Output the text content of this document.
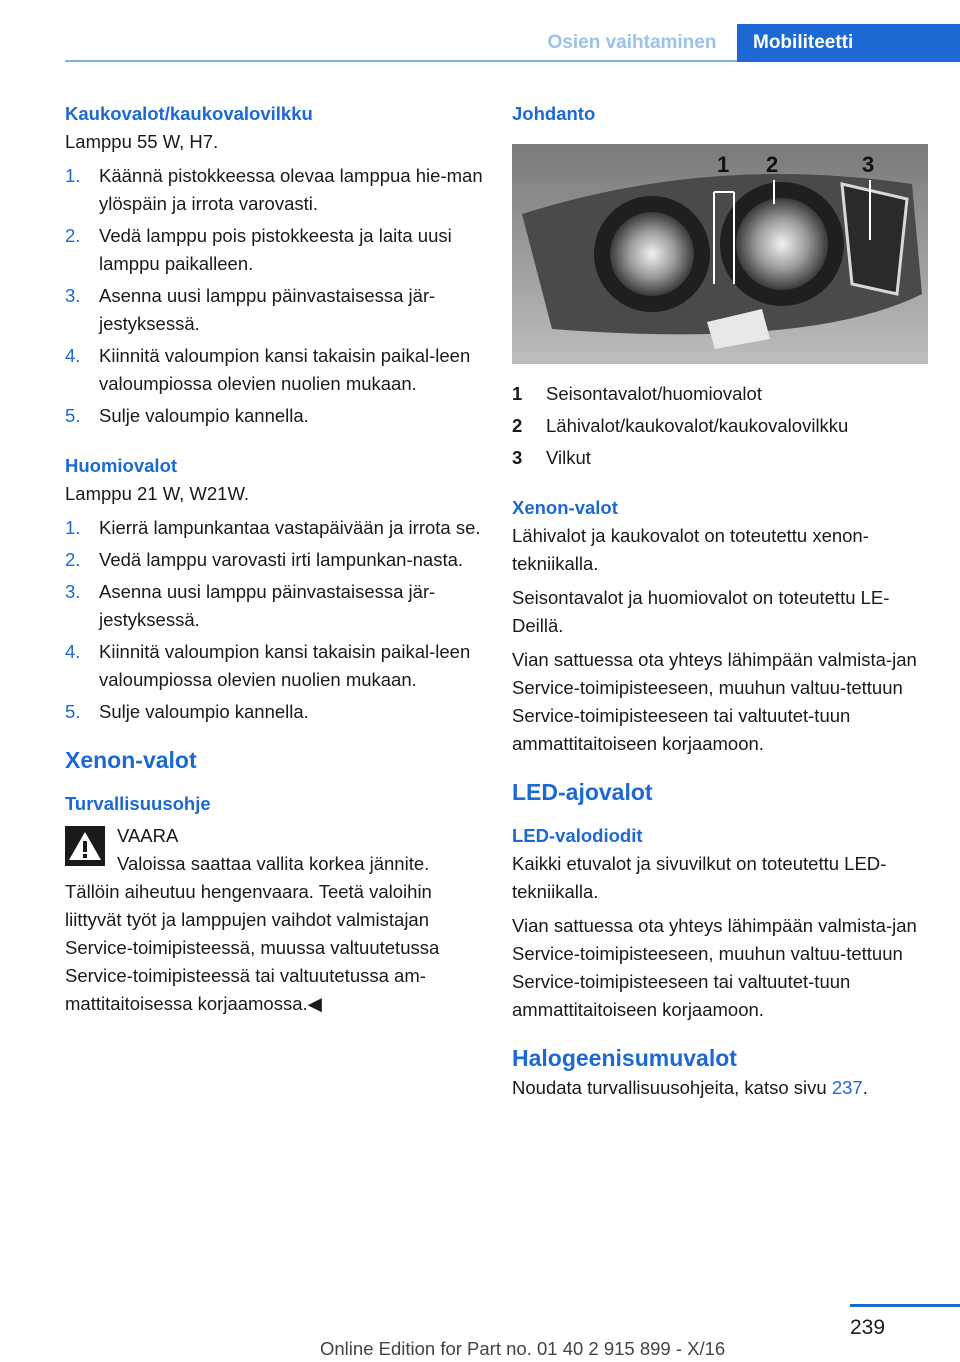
Osien vaihtaminen	Mobiliteetti

Kaukovalot/kaukovalovilkku

Lamppu 55 W, H7.

1.	Käännä pistokkeessa olevaa lamppua hie‐man ylöspäin ja irrota varovasti.
2.	Vedä lamppu pois pistokkeesta ja laita uusi lamppu paikalleen.
3.	Asenna uusi lamppu päinvastaisessa jär‐jestyksessä.
4.	Kiinnitä valoumpion kansi takaisin paikal‐leen valoumpiossa olevien nuolien mukaan.
5.	Sulje valoumpio kannella.

Huomiovalot

Lamppu 21 W, W21W.

1.	Kierrä lampunkantaa vastapäivään ja irrota se.
2.	Vedä lamppu varovasti irti lampunkan‐nasta.
3.	Asenna uusi lamppu päinvastaisessa jär‐jestyksessä.
4.	Kiinnitä valoumpion kansi takaisin paikal‐leen valoumpiossa olevien nuolien mukaan.
5.	Sulje valoumpio kannella.

Xenon-valot

Turvallisuusohje

VAARA

Valoissa saattaa vallita korkea jännite. Tällöin aiheutuu hengenvaara. Teetä valoihin liittyvät työt ja lamppujen vaihdot valmistajan Service-toimipisteessä, muussa valtuutetussa Service-toimipisteessä tai valtuutetussa am‐mattitaitoisessa korjaamossa.◀

Johdanto

1 2	3
1	Seisontavalot/huomiovalot
2	Lähivalot/kaukovalot/kaukovalovilkku
3	Vilkut

Xenon-valot

Lähivalot ja kaukovalot on toteutettu xenon-tekniikalla.

Seisontavalot ja huomiovalot on toteutettu LE‐Deillä.

Vian sattuessa ota yhteys lähimpään valmista‐jan Service-toimipisteeseen, muuhun valtuu‐tettuun Service-toimipisteeseen tai valtuutet‐tuun ammattitaitoiseen korjaamoon.

LED-ajovalot

LED-valodiodit

Kaikki etuvalot ja sivuvilkut on toteutettu LED-tekniikalla.

Vian sattuessa ota yhteys lähimpään valmista‐jan Service-toimipisteeseen, muuhun valtuu‐tettuun Service-toimipisteeseen tai valtuutet‐tuun ammattitaitoiseen korjaamoon.

Halogeenisumuvalot

Noudata turvallisuusohjeita, katso sivu 237.

239
Online Edition for Part no. 01 40 2 915 899 - X/16
